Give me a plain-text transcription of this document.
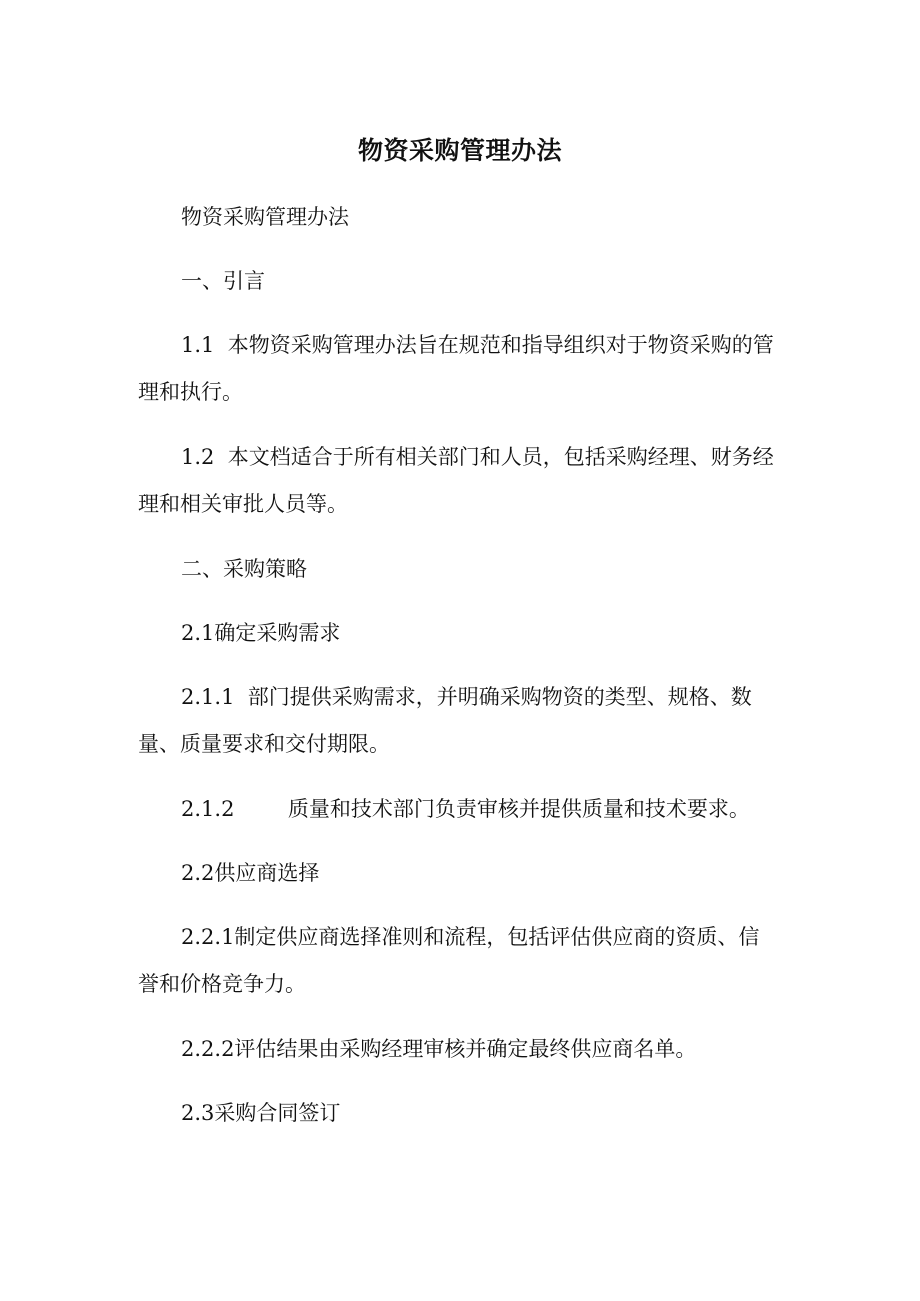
物资采购管理办法

物资采购管理办法

一、引言

1.1  本物资采购管理办法旨在规范和指导组织对于物资采购的管理和执行。

1.2  本文档适合于所有相关部门和人员，包括采购经理、财务经理和相关审批人员等。

二、采购策略

2.1确定采购需求

2.1.1  部门提供采购需求，并明确采购物资的类型、规格、数量、质量要求和交付期限。

2.1.2        质量和技术部门负责审核并提供质量和技术要求。

2.2供应商选择

2.2.1制定供应商选择准则和流程，包括评估供应商的资质、信誉和价格竞争力。

2.2.2评估结果由采购经理审核并确定最终供应商名单。

2.3采购合同签订
